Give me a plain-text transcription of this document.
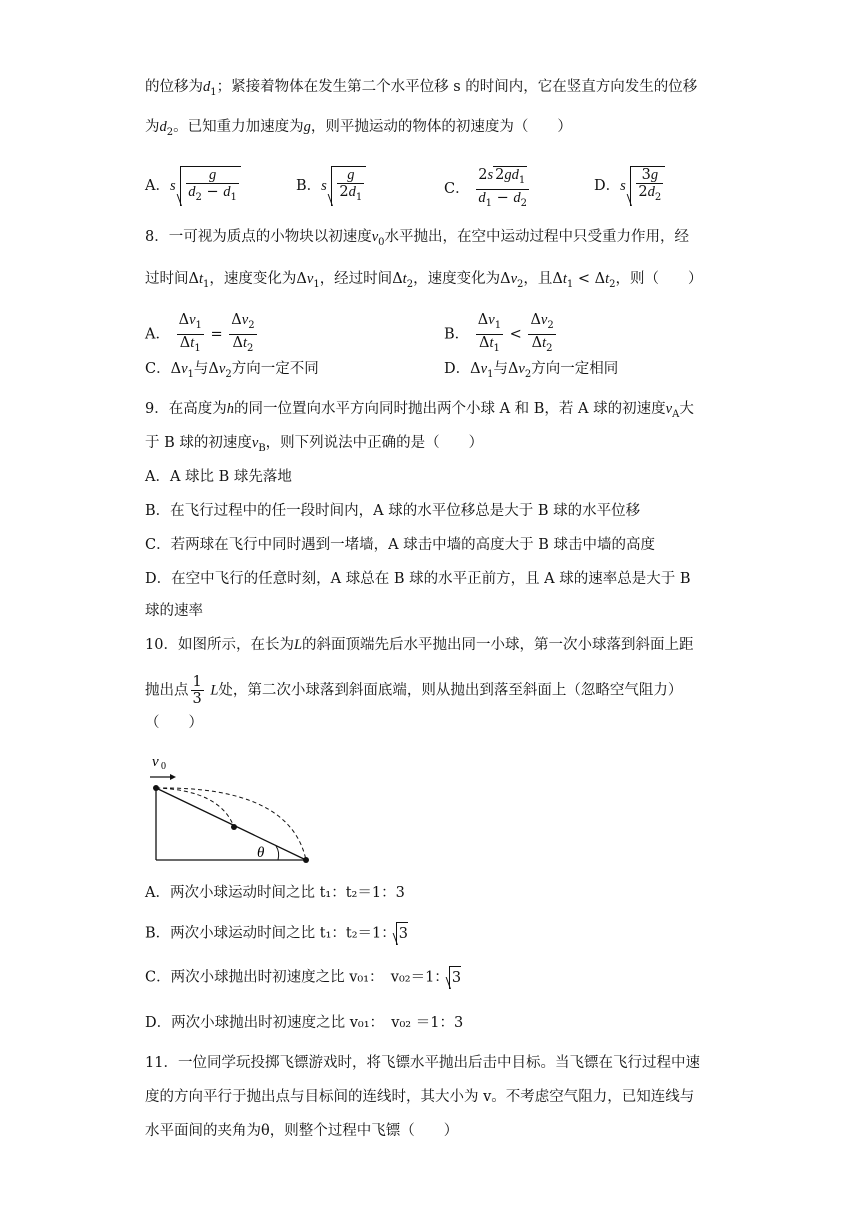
的位移为$d_1$；紧接着物体在发生第二个水平位移 s 的时间内，它在竖直方向发生的位移
为$d_2$。已知重力加速度为g，则平抛运动的物体的初速度为（　　）
A．s $\frac{g}{d_2 - d_1}$	B．s $\frac{g}{2d_1}$	C． $\frac{2s 2gd_1}{d_1 - d_2}$	D．s $\frac{3g}{2d_2}$
8．一可视为质点的小物块以初速度$v_0$水平抛出，在空中运动过程中只受重力作用，经
过时间$\Delta t_1$，速度变化为$\Delta v_1$，经过时间$\Delta t_2$，速度变化为$\Delta v_2$，且$\Delta t_1 < \Delta t_2$，则（　　）
A． $\frac{\Delta v_1}{\Delta t_1} = \frac{\Delta v_2}{\Delta t_2}$	B． $\frac{\Delta v_1}{\Delta t_1} < \frac{\Delta v_2}{\Delta t_2}$
C．$\Delta v_1$与$\Delta v_2$方向一定不同	D．$\Delta v_1$与$\Delta v_2$方向一定相同
9．在高度为h的同一位置向水平方向同时抛出两个小球 A 和 B，若 A 球的初速度$v_A$大
于 B 球的初速度$v_B$，则下列说法中正确的是（　　）
A．A 球比 B 球先落地
B．在飞行过程中的任一段时间内，A 球的水平位移总是大于 B 球的水平位移
C．若两球在飞行中同时遇到一堵墙，A 球击中墙的高度大于 B 球击中墙的高度
D．在空中飞行的任意时刻，A 球总在 B 球的水平正前方，且 A 球的速率总是大于 B
球的速率
10．如图所示，在长为L的斜面顶端先后水平抛出同一小球，第一次小球落到斜面上距
抛出点 $\frac{1}{3}$ L处，第二次小球落到斜面底端，则从抛出到落至斜面上（忽略空气阻力）
（　　）
v 0
θ
A．两次小球运动时间之比 t₁：t₂＝1：3
B．两次小球运动时间之比 t₁：t₂＝1： 3
C．两次小球抛出时初速度之比 v₀₁：　v₀₂＝1： 3
D．两次小球抛出时初速度之比 v₀₁：　v₀₂ ＝1：3
11．一位同学玩投掷飞镖游戏时，将飞镖水平抛出后击中目标。当飞镖在飞行过程中速
度的方向平行于抛出点与目标间的连线时，其大小为 v。不考虑空气阻力，已知连线与
水平面间的夹角为θ，则整个过程中飞镖（　　）
